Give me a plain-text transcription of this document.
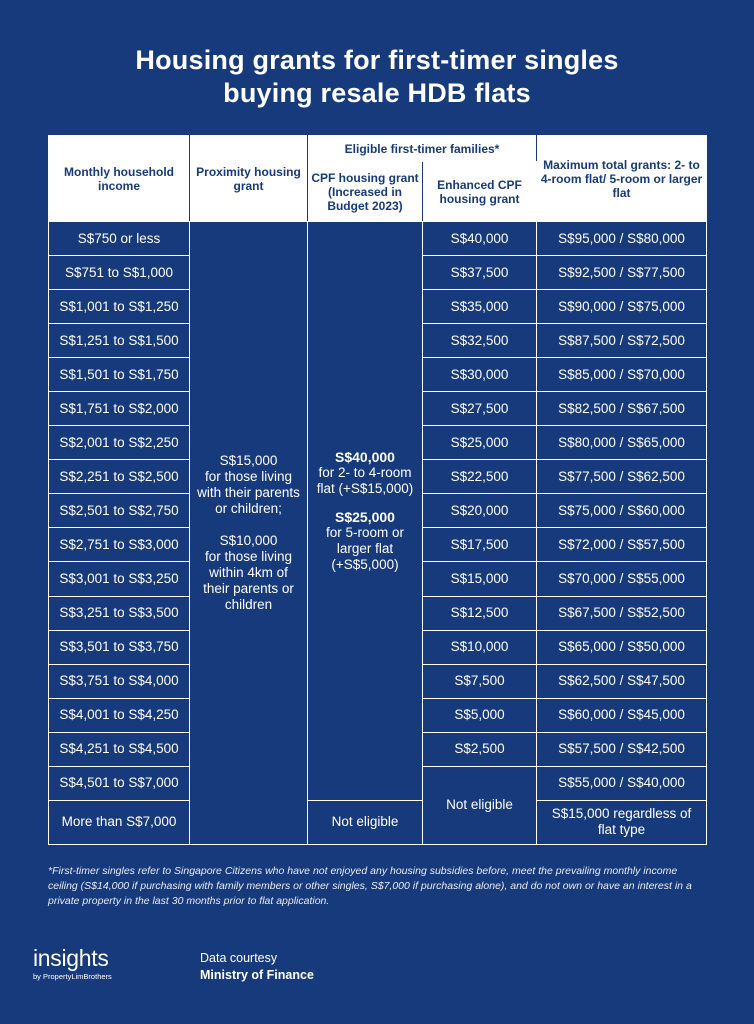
Housing grants for first-timer singles
buying resale HDB flats
Monthly household income	Proximity housing grant	Eligible first-timer families*		Maximum total grants: 2- to 4-room flat/ 5-room or larger flat
		CPF housing grant (Increased in Budget 2023)	Enhanced CPF housing grant	
S$750 or less	S$15,000
for those living with their parents or children;
S$10,000
for those living within 4km of their parents or children	S$40,000
for 2- to 4-room flat (+S$15,000)
S$25,000
for 5-room or larger flat (+S$5,000)	S$40,000	S$95,000 / S$80,000
S$751 to S$1,000			S$37,500	S$92,500 / S$77,500
S$1,001 to S$1,250			S$35,000	S$90,000 / S$75,000
S$1,251 to S$1,500			S$32,500	S$87,500 / S$72,500
S$1,501 to S$1,750			S$30,000	S$85,000 / S$70,000
S$1,751 to S$2,000			S$27,500	S$82,500 / S$67,500
S$2,001 to S$2,250			S$25,000	S$80,000 / S$65,000
S$2,251 to S$2,500			S$22,500	S$77,500 / S$62,500
S$2,501 to S$2,750			S$20,000	S$75,000 / S$60,000
S$2,751 to S$3,000			S$17,500	S$72,000 / S$57,500
S$3,001 to S$3,250			S$15,000	S$70,000 / S$55,000
S$3,251 to S$3,500			S$12,500	S$67,500 / S$52,500
S$3,501 to S$3,750			S$10,000	S$65,000 / S$50,000
S$3,751 to S$4,000			S$7,500	S$62,500 / S$47,500
S$4,001 to S$4,250			S$5,000	S$60,000 / S$45,000
S$4,251 to S$4,500			S$2,500	S$57,500 / S$42,500
S$4,501 to S$7,000			Not eligible	S$55,000 / S$40,000
More than S$7,000		Not eligible		S$15,000 regardless of flat type
*First-timer singles refer to Singapore Citizens who have not enjoyed any housing subsidies before, meet the prevailing monthly income ceiling (S$14,000 if purchasing with family members or other singles, S$7,000 if purchasing alone), and do not own or have an interest in a private property in the last 30 months prior to flat application.
insights
by PropertyLimBrothers
Data courtesy
Ministry of Finance
